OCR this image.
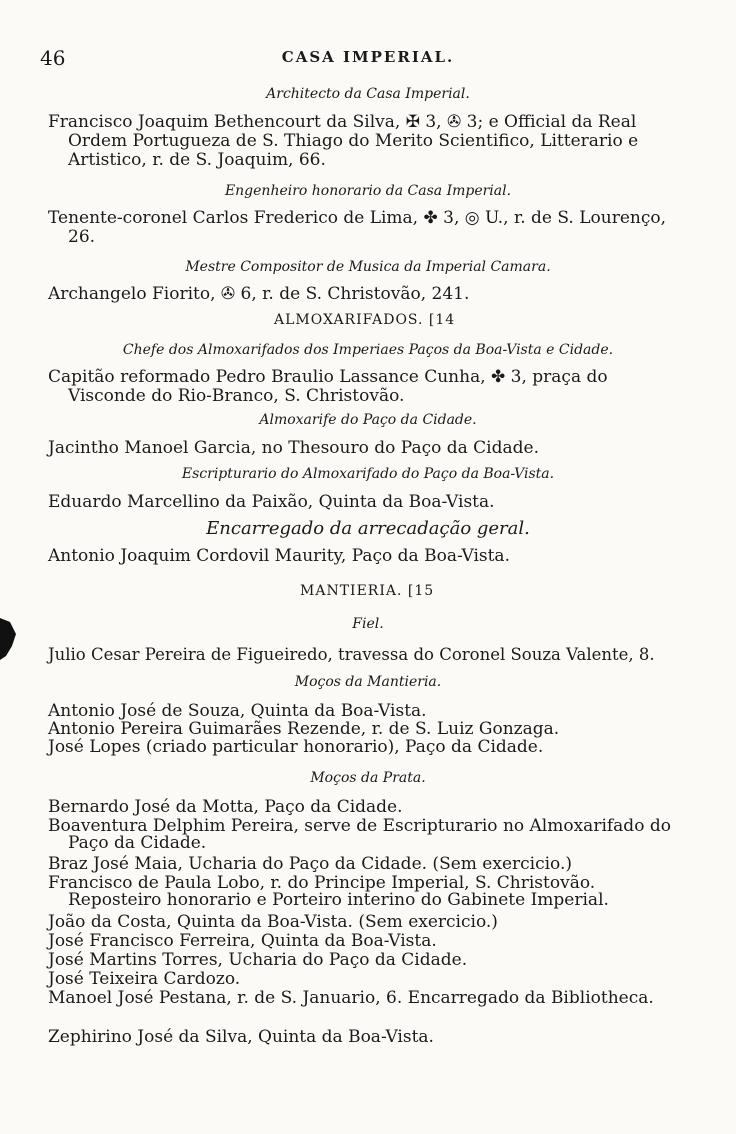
46	CASA IMPERIAL.
Architecto da Casa Imperial.
Francisco Joaquim Bethencourt da Silva, ✠ 3, ✇ 3; e Official da Real Ordem Portugueza de S. Thiago do Merito Scientifico, Litterario e Artistico, r. de S. Joaquim, 66.
Engenheiro honorario da Casa Imperial.
Tenente-coronel Carlos Frederico de Lima, ✤ 3, ◎ U., r. de S. Lourenço, 26.
Mestre Compositor de Musica da Imperial Camara.
Archangelo Fiorito, ✇ 6, r. de S. Christovão, 241.
ALMOXARIFADOS. [14
Chefe dos Almoxarifados dos Imperiaes Paços da Boa-Vista e Cidade.
Capitão reformado Pedro Braulio Lassance Cunha, ✤ 3, praça do Visconde do Rio-Branco, S. Christovão.
Almoxarife do Paço da Cidade.
Jacintho Manoel Garcia, no Thesouro do Paço da Cidade.
Escripturario do Almoxarifado do Paço da Boa-Vista.
Eduardo Marcellino da Paixão, Quinta da Boa-Vista.
Encarregado da arrecadação geral.
Antonio Joaquim Cordovil Maurity, Paço da Boa-Vista.
MANTIERIA. [15
Fiel.
Julio Cesar Pereira de Figueiredo, travessa do Coronel Souza Valente, 8.
Moços da Mantieria.
Antonio José de Souza, Quinta da Boa-Vista.
Antonio Pereira Guimarães Rezende, r. de S. Luiz Gonzaga.
José Lopes (criado particular honorario), Paço da Cidade.
Moços da Prata.
Bernardo José da Motta, Paço da Cidade.
Boaventura Delphim Pereira, serve de Escripturario no Almoxarifado do Paço da Cidade.
Braz José Maia, Ucharia do Paço da Cidade. (Sem exercicio.)
Francisco de Paula Lobo, r. do Principe Imperial, S. Christovão. Reposteiro honorario e Porteiro interino do Gabinete Imperial.
João da Costa, Quinta da Boa-Vista. (Sem exercicio.)
José Francisco Ferreira, Quinta da Boa-Vista.
José Martins Torres, Ucharia do Paço da Cidade.
José Teixeira Cardozo.
Manoel José Pestana, r. de S. Januario, 6. Encarregado da Bibliotheca.
Zephirino José da Silva, Quinta da Boa-Vista.
